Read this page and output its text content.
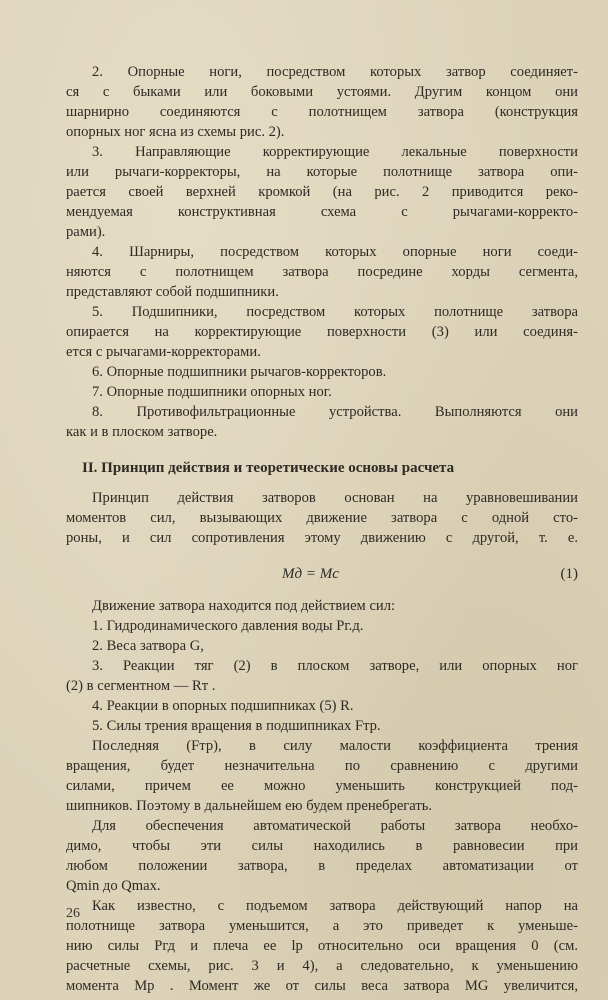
2. Опорные ноги, посредством которых затвор соединяет-
ся с быками или боковыми устоями. Другим концом они
шарнирно соединяются с полотнищем затвора (конструкция
опорных ног ясна из схемы рис. 2).
3. Направляющие корректирующие лекальные поверхности
или рычаги-корректоры, на которые полотнище затвора опи-
рается своей верхней кромкой (на рис. 2 приводится реко-
мендуемая конструктивная схема с рычагами-корректо-
рами).
4. Шарниры, посредством которых опорные ноги соеди-
няются с полотнищем затвора посредине хорды сегмента,
представляют собой подшипники.
5. Подшипники, посредством которых полотнище затвора
опирается на корректирующие поверхности (3) или соединя-
ется с рычагами-корректорами.
6. Опорные подшипники рычагов-корректоров.
7. Опорные подшипники опорных ног.
8. Противофильтрационные устройства. Выполняются они
как и в плоском затворе.
II. Принцип действия и теоретические основы расчета
Принцип действия затворов основан на уравновешивании
моментов сил, вызывающих движение затвора с одной сто-
роны, и сил сопротивления этому движению с другой, т. е.
Mд = Mс	(1)
Движение затвора находится под действием сил:
1. Гидродинамического давления воды Pг.д.
2. Веса затвора G,
3. Реакции тяг (2) в плоском затворе, или опорных ног
(2) в сегментном — Rт .
4. Реакции в опорных подшипниках (5) R.
5. Силы трения вращения в подшипниках Fтр.
Последняя (Fтр), в силу малости коэффициента трения
вращения, будет незначительна по сравнению с другими
силами, причем ее можно уменьшить конструкцией под-
шипников. Поэтому в дальнейшем ею будем пренебрегать.
Для обеспечения автоматической работы затвора необхо-
димо, чтобы эти силы находились в равновесии при
любом положении затвора, в пределах автоматизации от
Qmin до Qmax.
Как известно, с подъемом затвора действующий напор на
полотнище затвора уменьшится, а это приведет к уменьше-
нию силы Pгд и плеча ее lр относительно оси вращения 0 (см.
расчетные схемы, рис. 3 и 4), а следовательно, к уменьшению
момента Mр . Момент же от силы веса затвора MG увеличится,
26
